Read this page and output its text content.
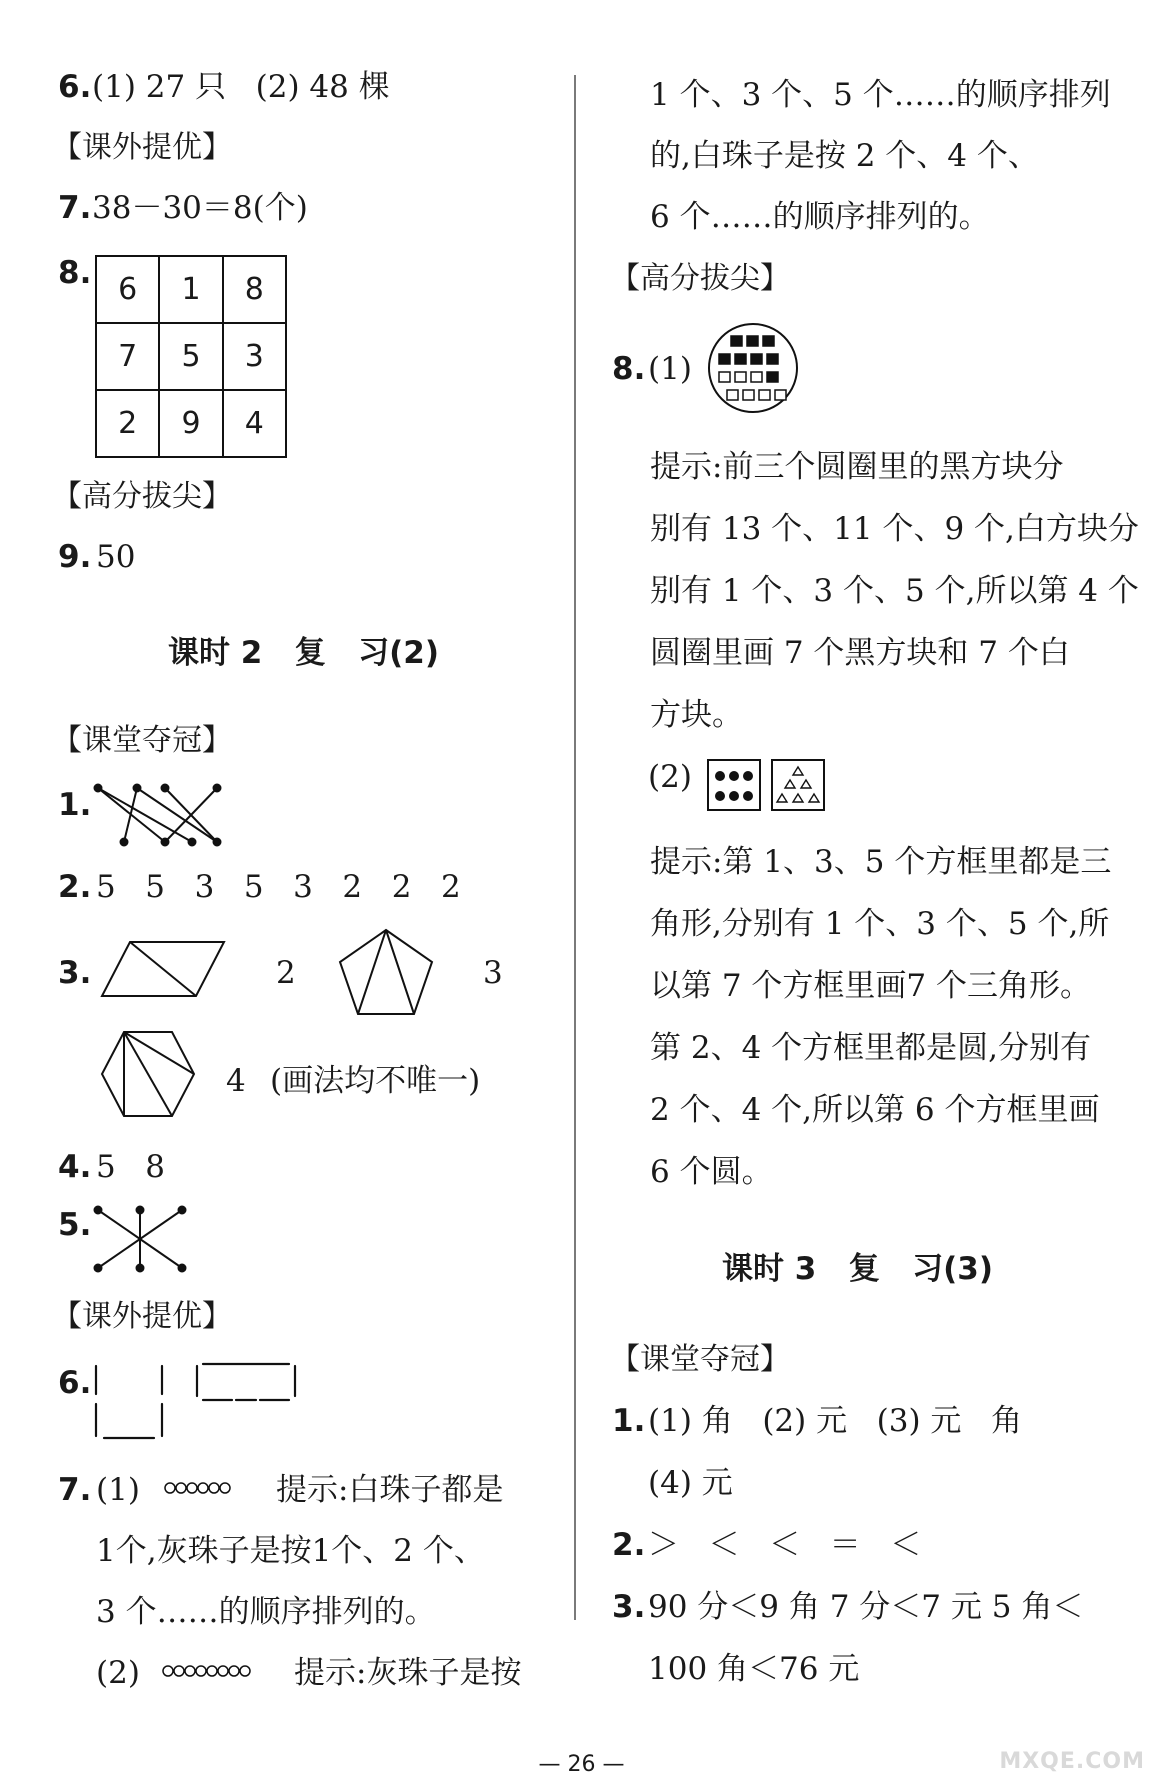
6. (1) 27 只   (2) 48 棵
【课外提优】
7. 38－30＝8(个)
8. 6	1	8
7	5	3
2	9	4
【高分拔尖】
9. 50
课时 2   复   习(2)
【课堂夺冠】
1.
2. 5   5   3   5   3   2   2   2
3.	2	3
4 (画法均不唯一)
4. 5   8
5.
【课外提优】
6.
7. (1)	提示:白珠子都是
1个,灰珠子是按1个、2 个、
3 个……的顺序排列的。
(2)	提示:灰珠子是按
1 个、3 个、5 个……的顺序排列
的,白珠子是按 2 个、4 个、
6 个……的顺序排列的。
【高分拔尖】
8. (1)
提示:前三个圆圈里的黑方块分
别有 13 个、11 个、9 个,白方块分
别有 1 个、3 个、5 个,所以第 4 个
圆圈里画 7 个黑方块和 7 个白
方块。
(2)
提示:第 1、3、5 个方框里都是三
角形,分别有 1 个、3 个、5 个,所
以第 7 个方框里画7 个三角形。
第 2、4 个方框里都是圆,分别有
2 个、4 个,所以第 6 个方框里画
6 个圆。
课时 3   复   习(3)
【课堂夺冠】
1. (1) 角   (2) 元   (3) 元   角
(4) 元
2. ＞   ＜   ＜   ＝   ＜
3. 90 分＜9 角 7 分＜7 元 5 角＜
100 角＜76 元
— 26 —	MXQE.COM
